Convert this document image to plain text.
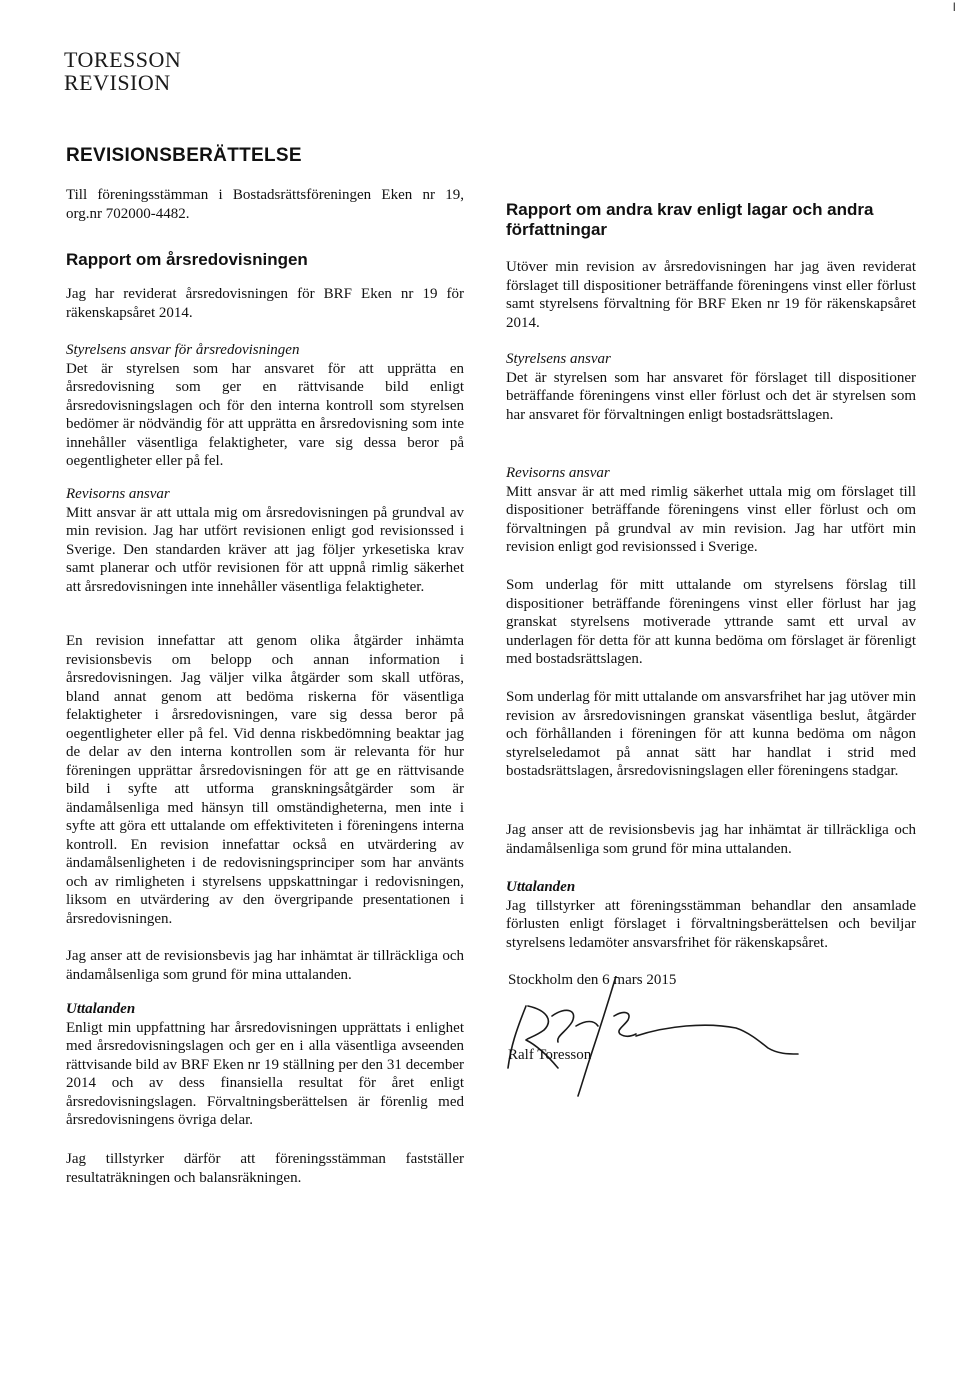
I
TORESSON
REVISION
REVISIONSBERÄTTELSE
Till föreningsstämman i Bostadsrättsföreningen Eken nr 19, org.nr 702000-4482.
Rapport om årsredovisningen
Jag har reviderat årsredovisningen för BRF Eken nr 19 för räkenskapsåret 2014.
Styrelsens ansvar för årsredovisningen

Det är styrelsen som har ansvaret för att upprätta en årsredovisning som ger en rättvisande bild enligt årsredovisningslagen och för den interna kontroll som styrelsen bedömer är nödvändig för att upprätta en årsredovisning som inte innehåller väsentliga felaktigheter, vare sig dessa beror på oegentligheter eller på fel.

Revisorns ansvar

Mitt ansvar är att uttala mig om årsredovisningen på grundval av min revision. Jag har utfört revisionen enligt god revisionssed i Sverige. Den standarden kräver att jag följer yrkesetiska krav samt planerar och utför revisionen för att uppnå rimlig säkerhet att årsredovisningen inte innehåller väsentliga felaktigheter.

En revision innefattar att genom olika åtgärder inhämta revisionsbevis om belopp och annan information i årsredovisningen. Jag väljer vilka åtgärder som skall utföras, bland annat genom att bedöma riskerna för väsentliga felaktigheter i årsredovisningen, vare sig dessa beror på oegentligheter eller på fel. Vid denna riskbedömning beaktar jag de delar av den interna kontrollen som är relevanta för hur föreningen upprättar årsredovisningen för att ge en rättvisande bild i syfte att utforma granskningsåtgärder som är ändamålsenliga med hänsyn till omständigheterna, men inte i syfte att göra ett uttalande om effektiviteten i föreningens interna kontroll. En revision innefattar också en utvärdering av ändamålsenligheten i de redovisningsprinciper som har använts och av rimligheten i styrelsens uppskattningar i redovisningen, liksom en utvärdering av den övergripande presentationen i årsredovisningen.
Jag anser att de revisionsbevis jag har inhämtat är tillräckliga och ändamålsenliga som grund för mina uttalanden.
Uttalanden

Enligt min uppfattning har årsredovisningen upprättats i enlighet med årsredovisningslagen och ger en i alla väsentliga avseenden rättvisande bild av BRF Eken nr 19 ställning per den 31 december 2014 och av dess finansiella resultat för året enligt årsredovisningslagen. Förvaltningsberättelsen är förenlig med årsredovisningens övriga delar.

Jag tillstyrker därför att föreningsstämman fastställer resultaträkningen och balansräkningen.
Rapport om andra krav enligt lagar och andra författningar
Utöver min revision av årsredovisningen har jag även reviderat förslaget till dispositioner beträffande föreningens vinst eller förlust samt styrelsens förvaltning för BRF Eken nr 19 för räkenskapsåret 2014.
Styrelsens ansvar

Det är styrelsen som har ansvaret för förslaget till dispositioner beträffande föreningens vinst eller förlust och det är styrelsen som har ansvaret för förvaltningen enligt bostadsrättslagen.

Revisorns ansvar

Mitt ansvar är att med rimlig säkerhet uttala mig om förslaget till dispositioner beträffande föreningens vinst eller förlust och om förvaltningen på grundval av min revision. Jag har utfört min revision enligt god revisionssed i Sverige.

Som underlag för mitt uttalande om styrelsens förslag till dispositioner beträffande föreningens vinst eller förlust har jag granskat styrelsens motiverade yttrande samt ett urval av underlagen för detta för att kunna bedöma om förslaget är förenligt med bostadsrättslagen.
Som underlag för mitt uttalande om ansvarsfrihet har jag utöver min revision av årsredovisningen granskat väsentliga beslut, åtgärder och förhållanden i föreningen för att kunna bedöma om någon styrelseledamot på annat sätt har handlat i strid med bostadsrättslagen, årsredovisningslagen eller föreningens stadgar.
Jag anser att de revisionsbevis jag har inhämtat är tillräckliga och ändamålsenliga som grund för mina uttalanden.
Uttalanden

Jag tillstyrker att föreningsstämman behandlar den ansamlade förlusten enligt förslaget i förvaltningsberättelsen och beviljar styrelsens ledamöter ansvarsfrihet för räkenskapsåret.

Stockholm den 6 mars 2015
Ralf Toresson
